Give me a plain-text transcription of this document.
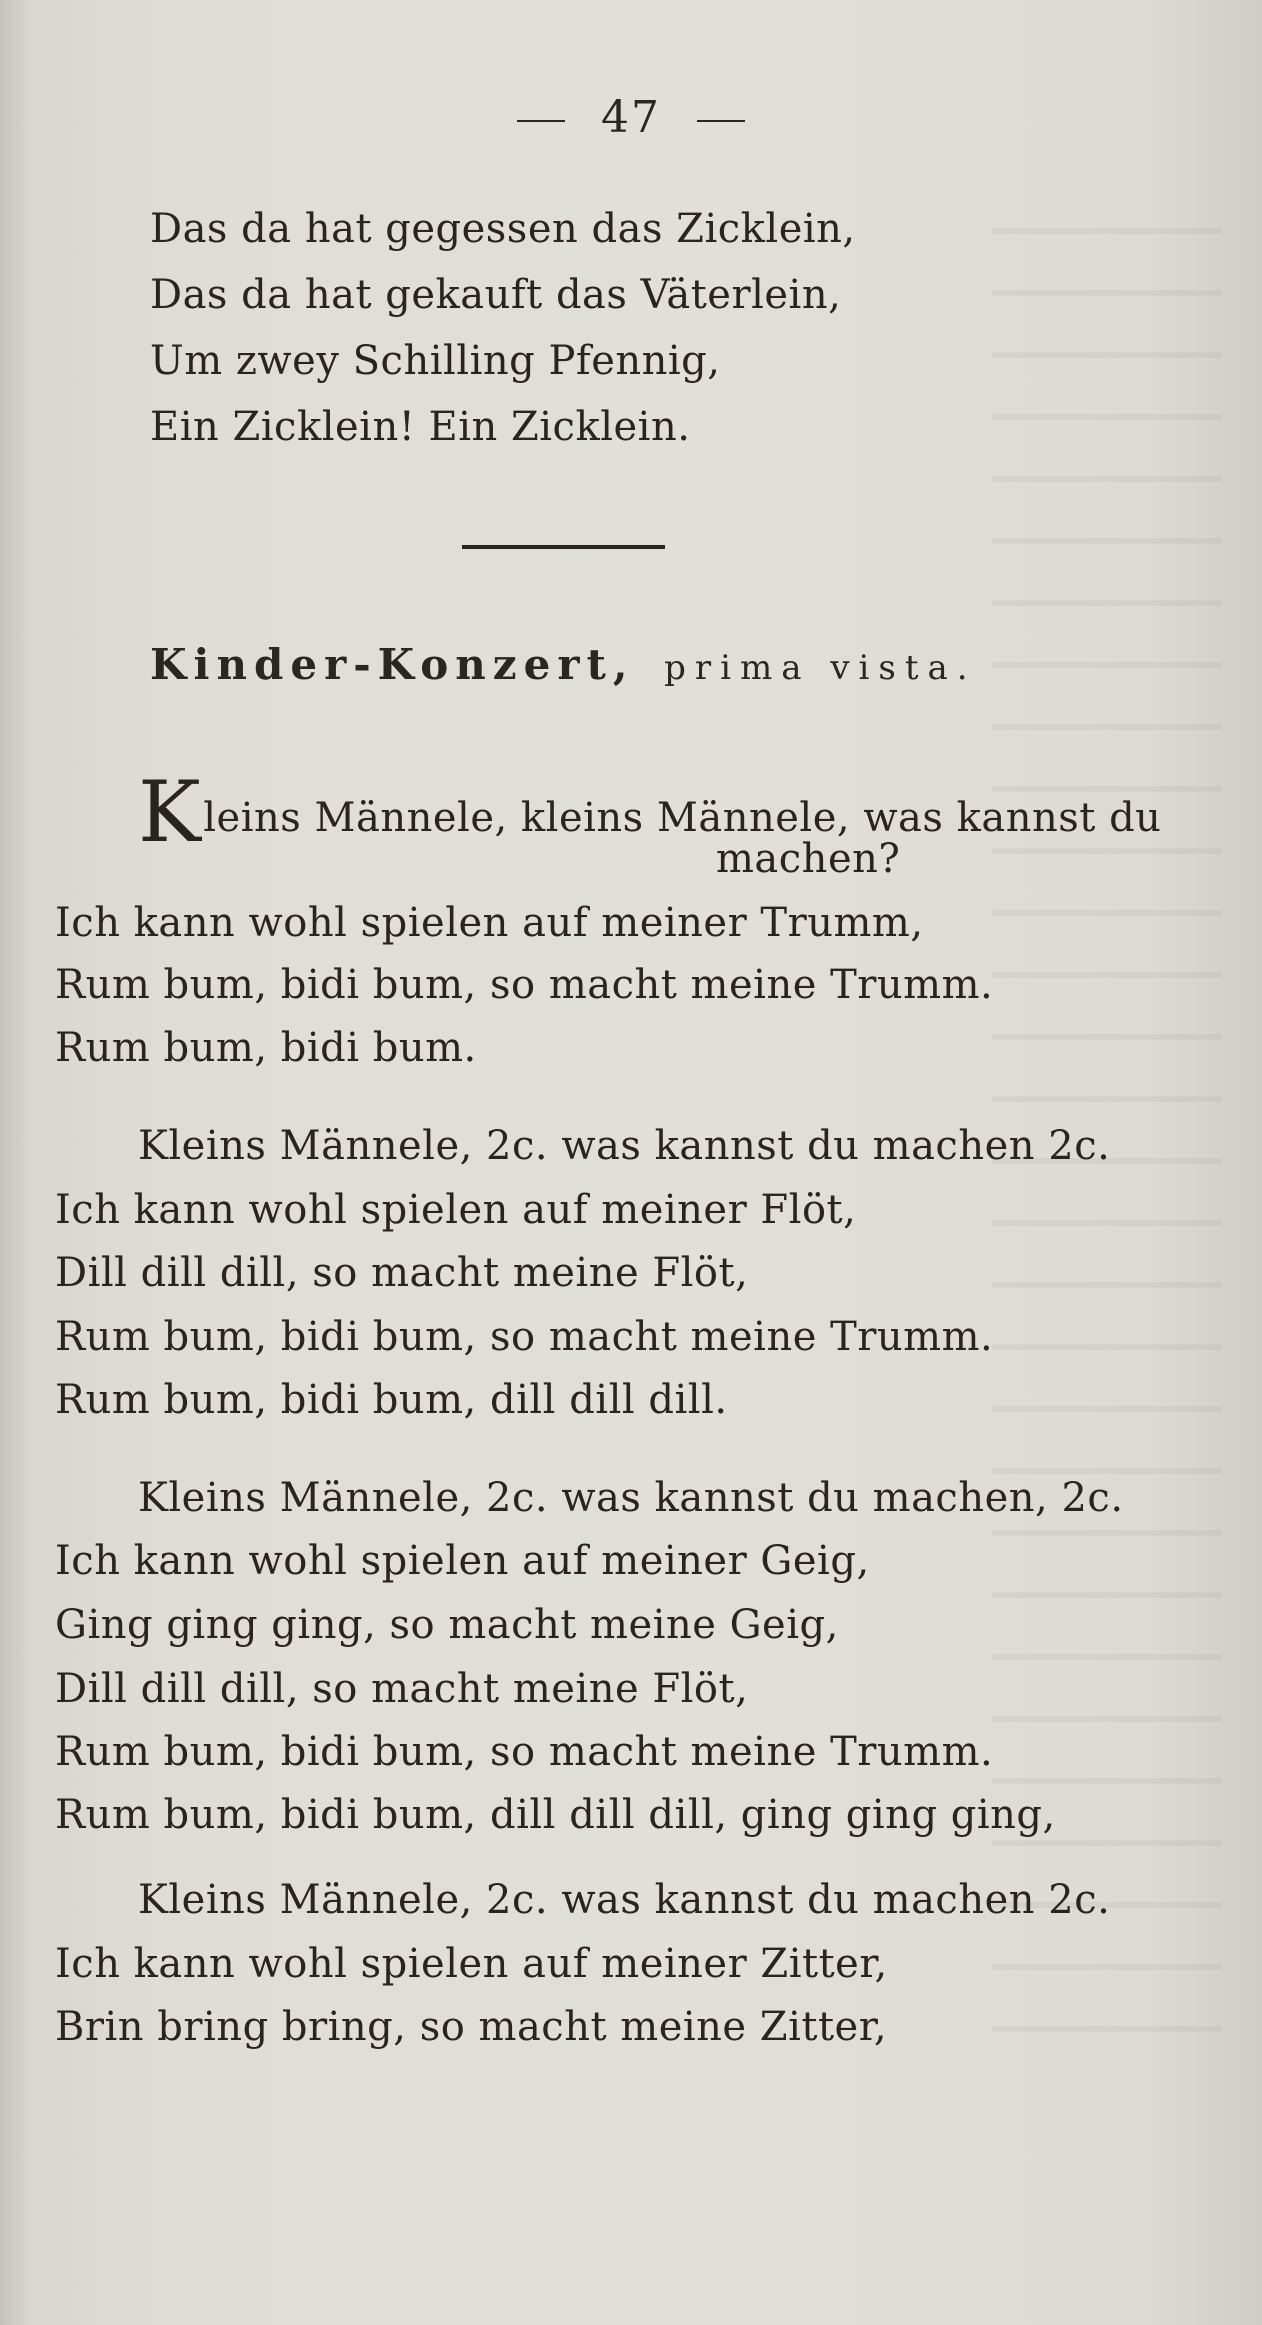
47
Das da hat gegessen das Zicklein,
Das da hat gekauft das Väterlein,
Um zwey Schilling Pfennig,
Ein Zicklein! Ein Zicklein.
Kinder-Konzert, prima vista.
Kleins Männele, kleins Männele, was kannst du
machen?
Ich kann wohl spielen auf meiner Trumm,
Rum bum, bidi bum, so macht meine Trumm.
Rum bum, bidi bum.
Kleins Männele, 2c. was kannst du machen 2c.
Ich kann wohl spielen auf meiner Flöt,
Dill dill dill, so macht meine Flöt,
Rum bum, bidi bum, so macht meine Trumm.
Rum bum, bidi bum, dill dill dill.
Kleins Männele, 2c. was kannst du machen, 2c.
Ich kann wohl spielen auf meiner Geig,
Ging ging ging, so macht meine Geig,
Dill dill dill, so macht meine Flöt,
Rum bum, bidi bum, so macht meine Trumm.
Rum bum, bidi bum, dill dill dill, ging ging ging,
Kleins Männele, 2c. was kannst du machen 2c.
Ich kann wohl spielen auf meiner Zitter,
Brin bring bring, so macht meine Zitter,
